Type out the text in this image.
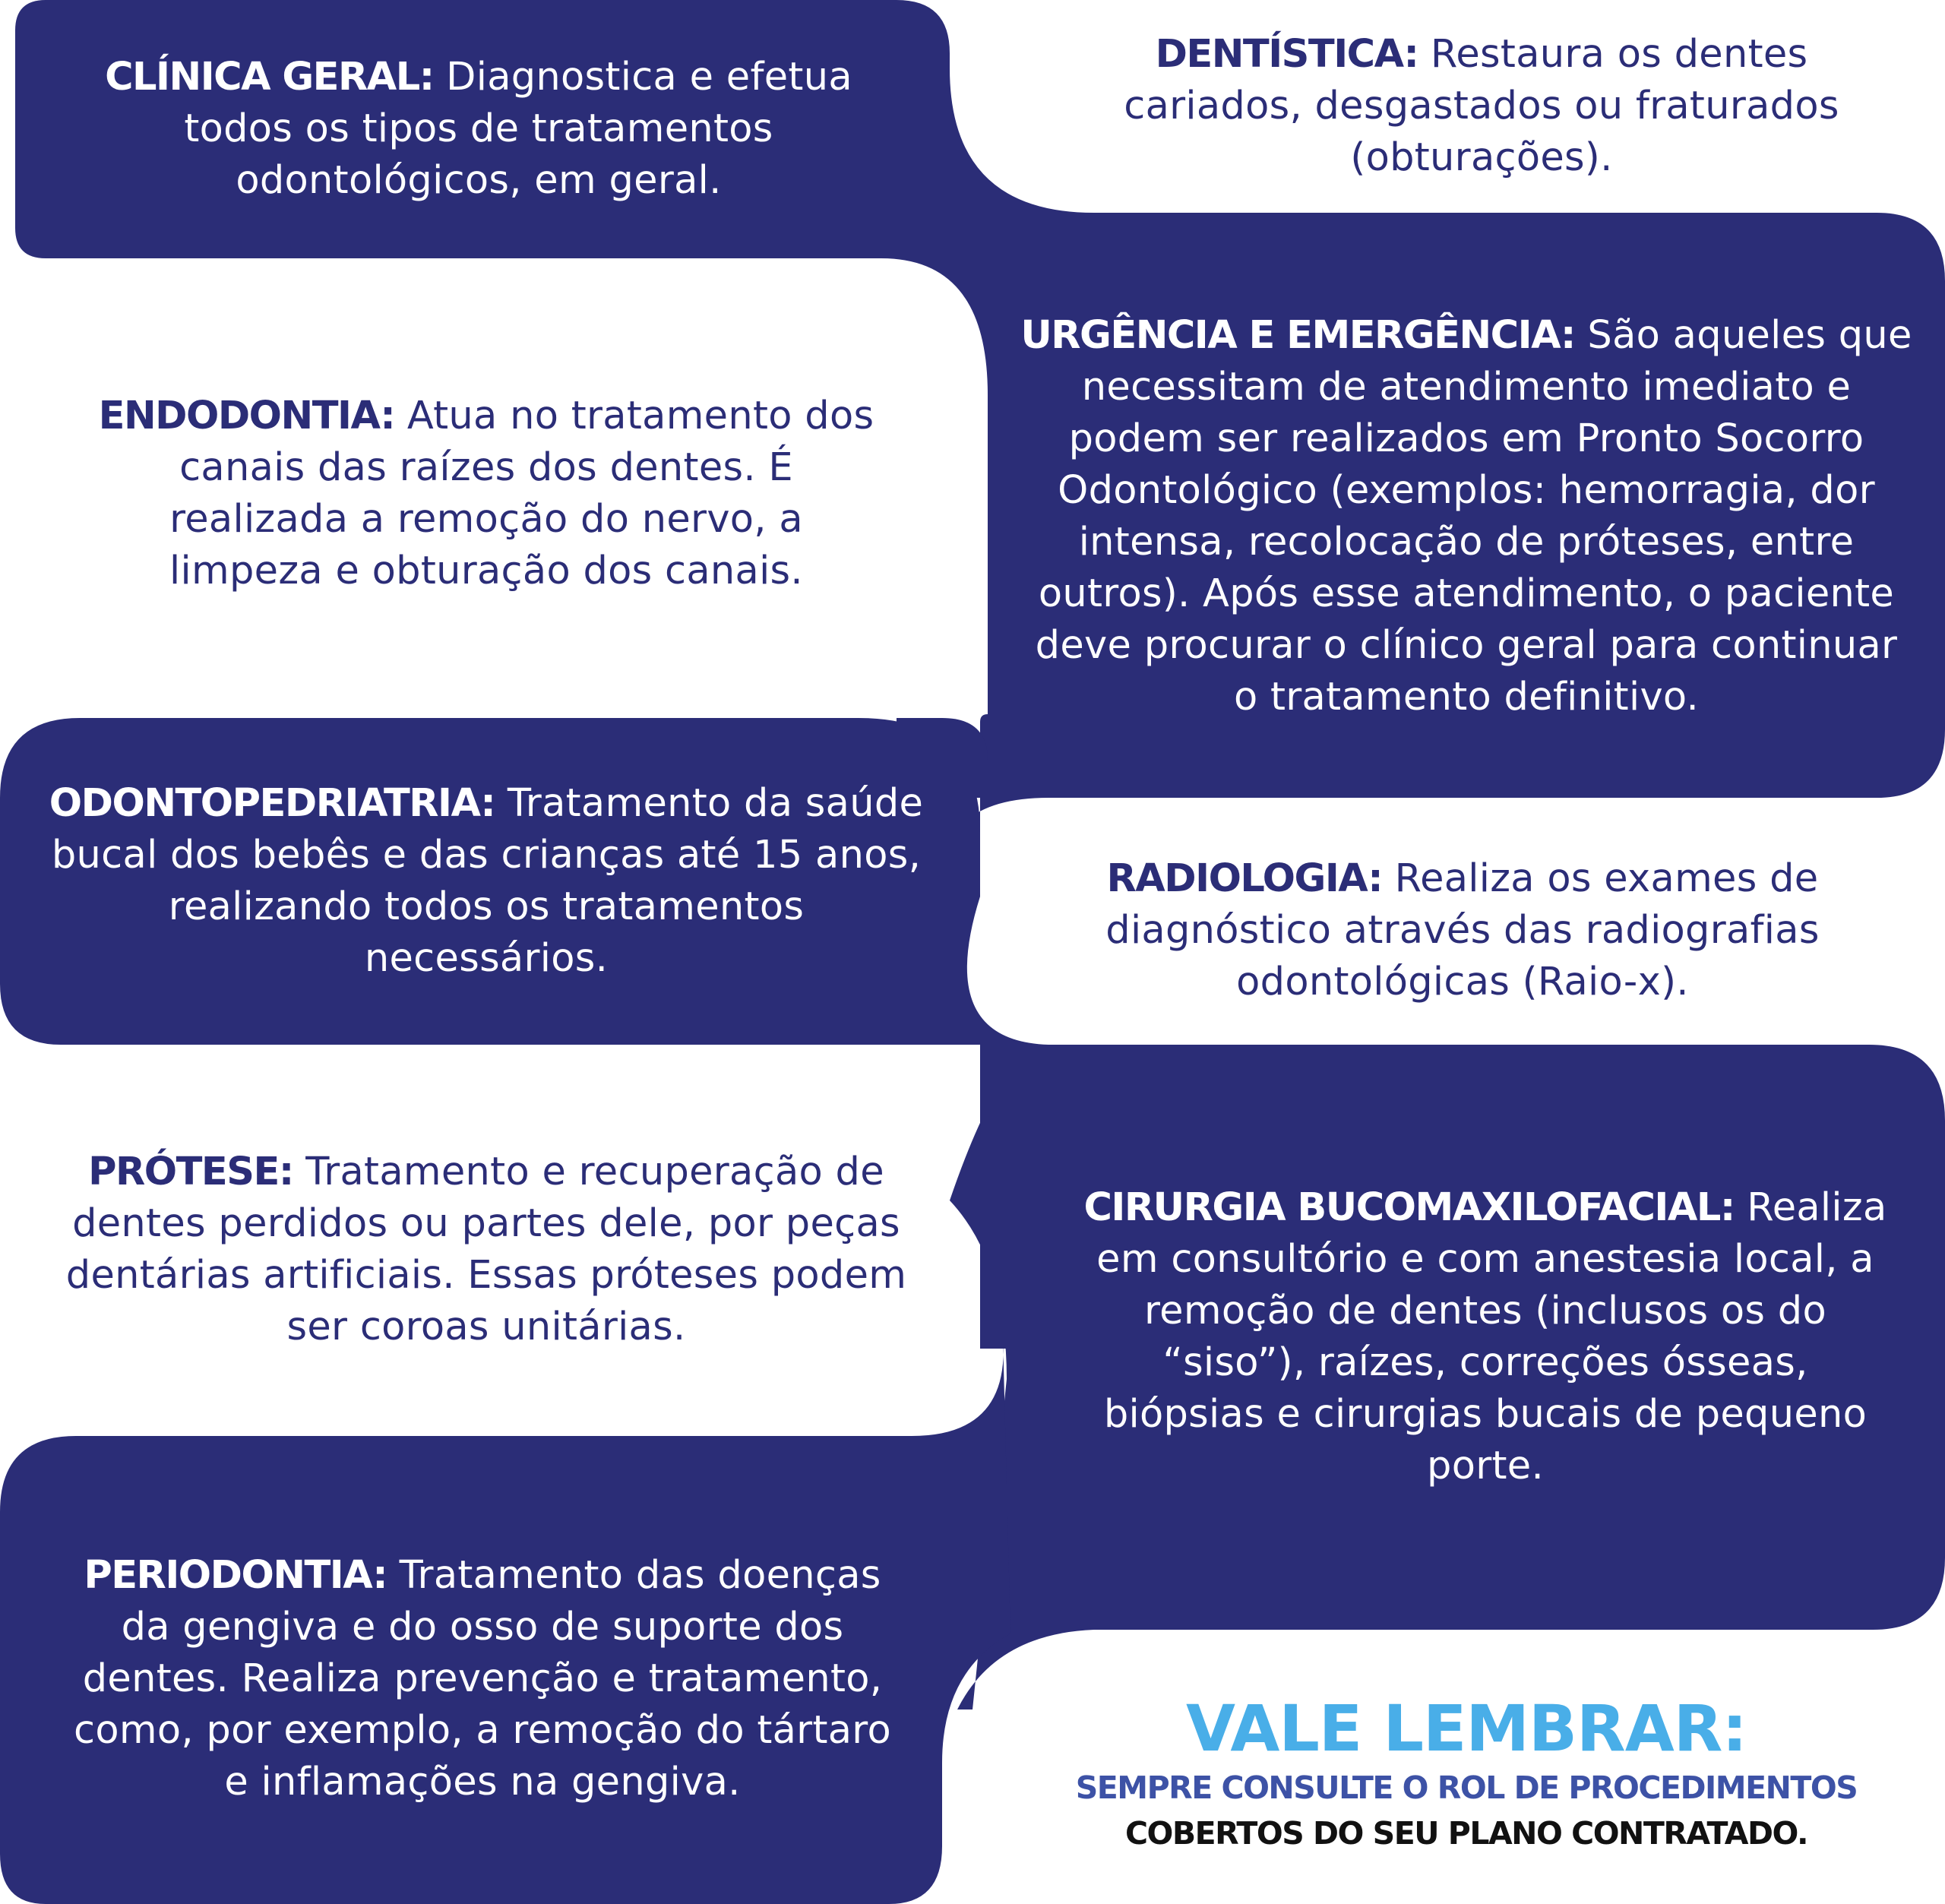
CLÍNICA GERAL: Diagnostica e efetua todos os tipos de tratamentos odontológicos, em geral.
DENTÍSTICA: Restaura os dentes cariados, desgastados ou fraturados (obturações).
URGÊNCIA E EMERGÊNCIA: São aqueles que necessitam de atendimento imediato e podem ser realizados em Pronto Socorro Odontológico (exemplos: hemorragia, dor intensa, recolocação de próteses, entre outros). Após esse atendimento, o paciente deve procurar o clínico geral para continuar o tratamento definitivo.
ENDODONTIA: Atua no tratamento dos canais das raízes dos dentes. É realizada a remoção do nervo, a limpeza e obturação dos canais.
ODONTOPEDRIATRIA: Tratamento da saúde bucal dos bebês e das crianças até 15 anos, realizando todos os tratamentos necessários.
RADIOLOGIA: Realiza os exames de diagnóstico através das radiografias odontológicas (Raio-x).
PRÓTESE: Tratamento e recuperação de dentes perdidos ou partes dele, por peças dentárias artificiais. Essas próteses podem ser coroas unitárias.
CIRURGIA BUCOMAXILOFACIAL: Realiza em consultório e com anestesia local, a remoção de dentes (inclusos os do “siso”), raízes, correções ósseas, biópsias e cirurgias bucais de pequeno porte.
PERIODONTIA: Tratamento das doenças da gengiva e do osso de suporte dos dentes. Realiza prevenção e tratamento, como, por exemplo, a remoção do tártaro e inflamações na gengiva.
VALE LEMBRAR:
SEMPRE CONSULTE O ROL DE PROCEDIMENTOS
COBERTOS DO SEU PLANO CONTRATADO.
